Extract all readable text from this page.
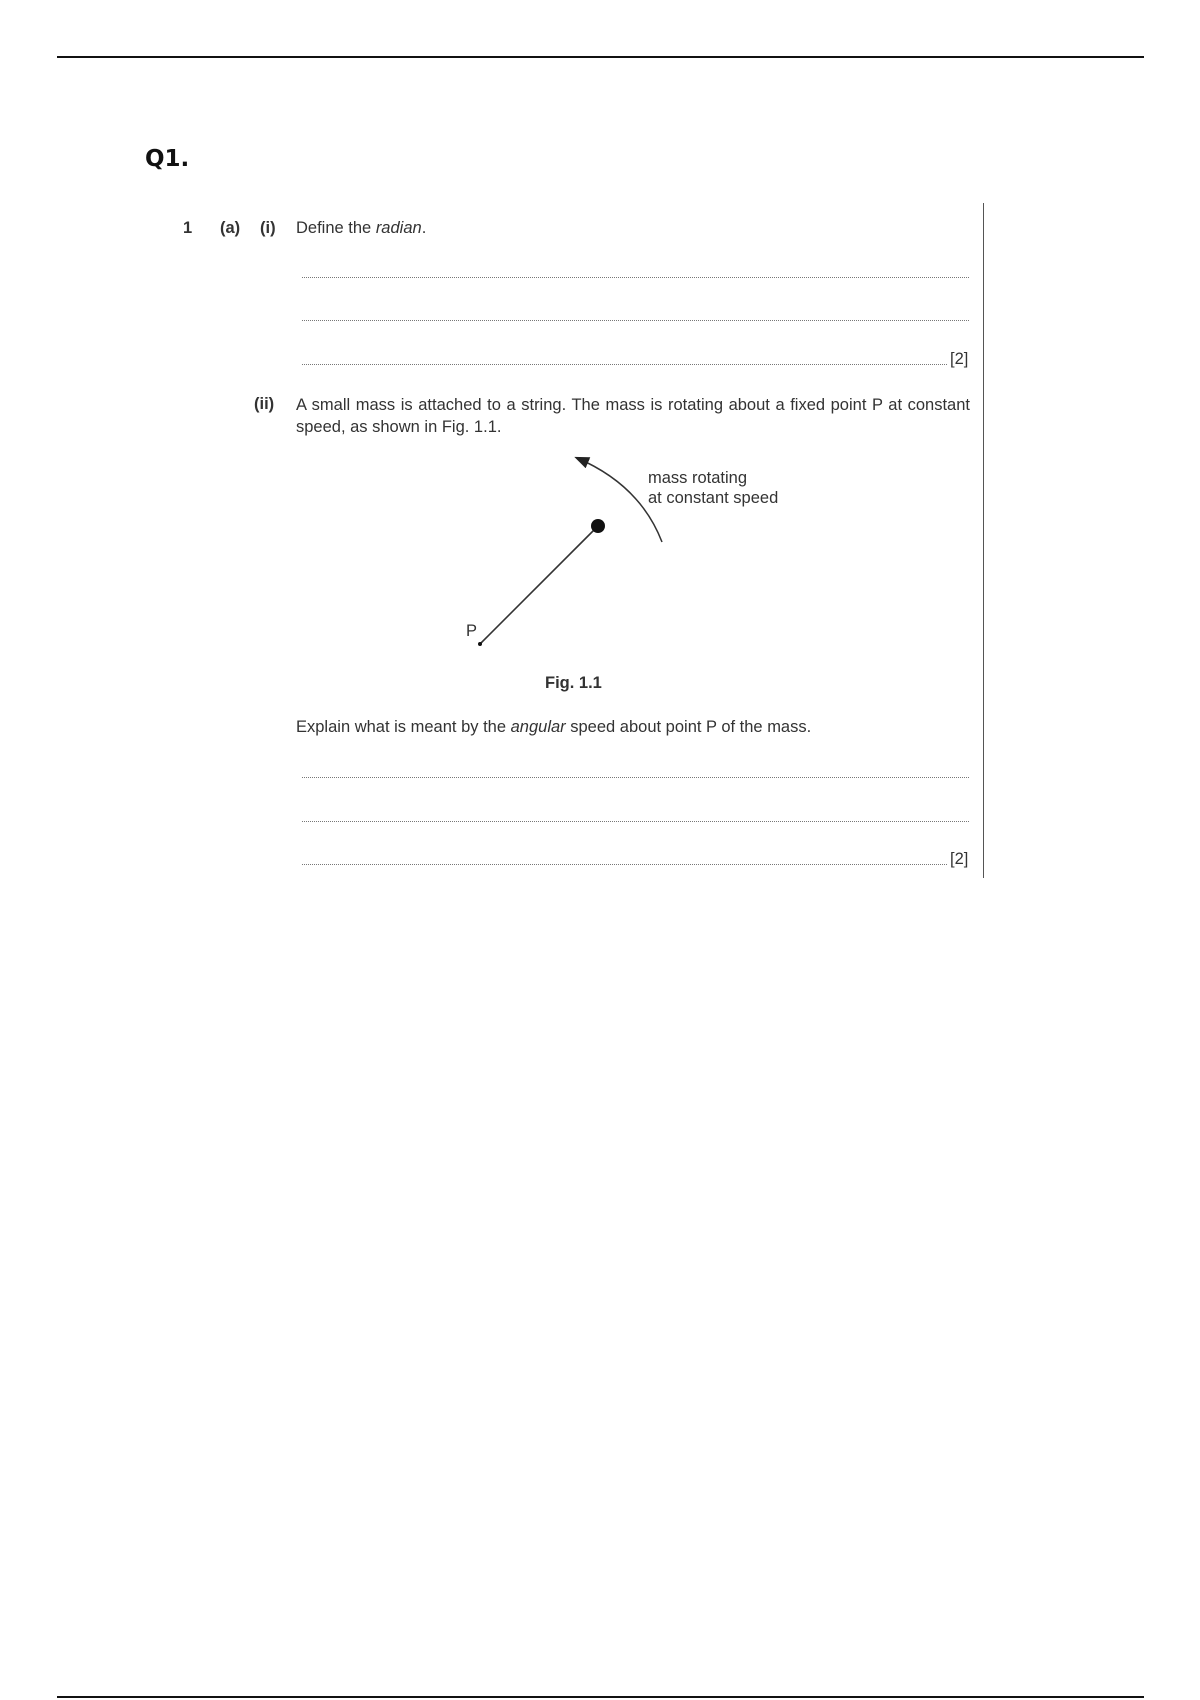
Q1.
1 (a) (i) Define the radian.
[2]
(ii) A small mass is attached to a string. The mass is rotating about a fixed point P at constant speed, as shown in Fig. 1.1.
mass rotating
at constant speed
P
Fig. 1.1
Explain what is meant by the angular speed about point P of the mass.
[2]
